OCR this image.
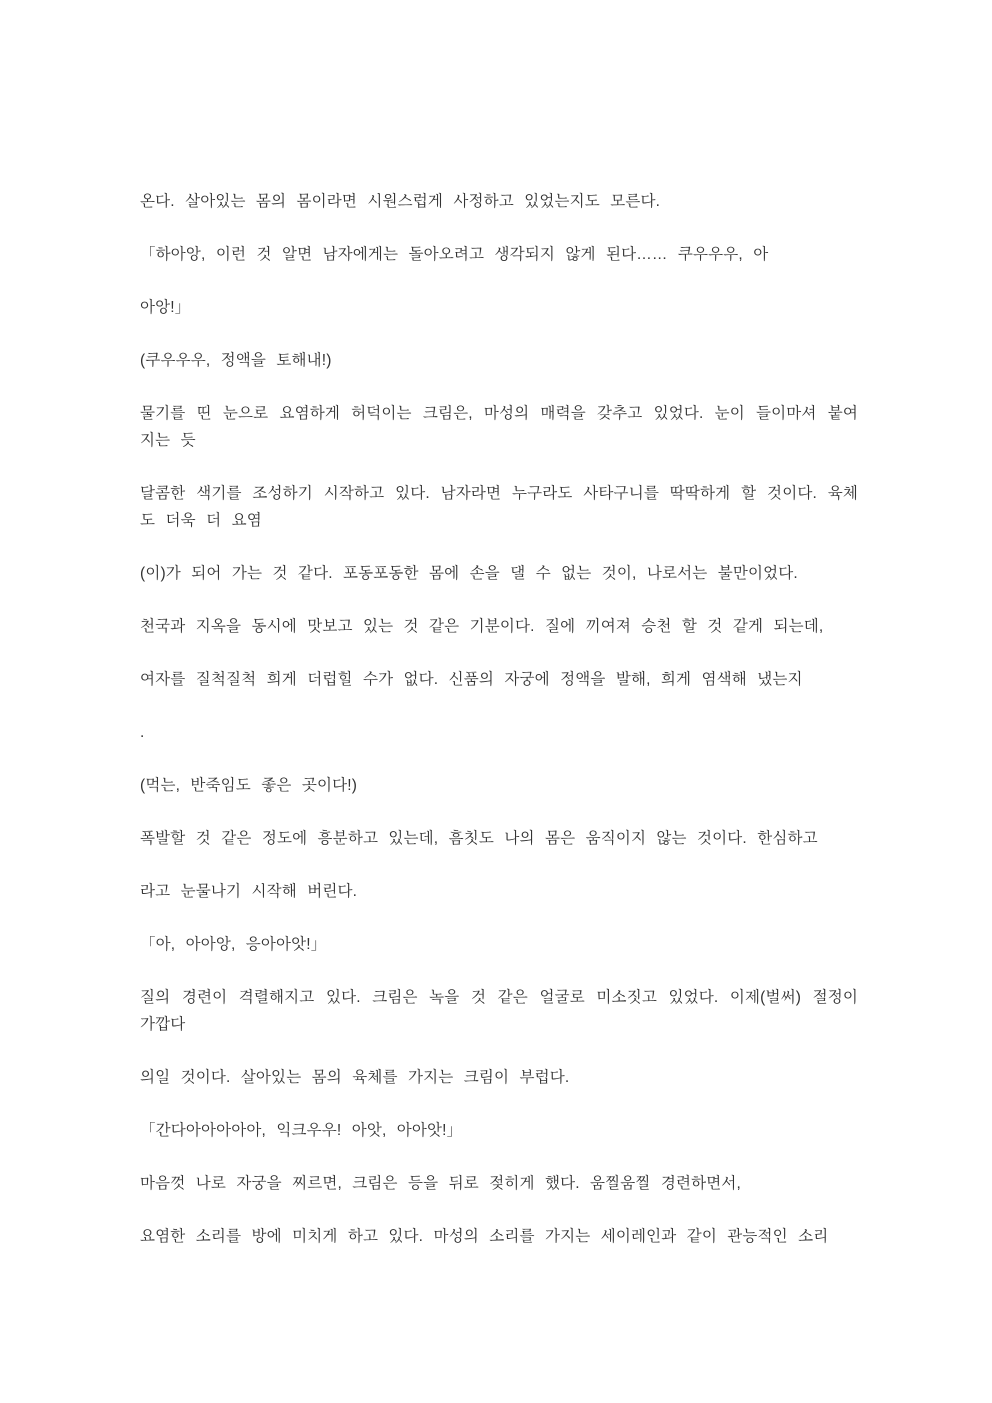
온다. 살아있는 몸의 몸이라면 시원스럽게 사정하고 있었는지도 모른다.

「하아앙, 이런 것 알면 남자에게는 돌아오려고 생각되지 않게 된다…… 쿠우우우, 아

아앙!」

(쿠우우우, 정액을 토해내!)

물기를 띤 눈으로 요염하게 허덕이는 크림은, 마성의 매력을 갖추고 있었다. 눈이 들이마셔 붙여지는 듯

달콤한 색기를 조성하기 시작하고 있다. 남자라면 누구라도 사타구니를 딱딱하게 할 것이다. 육체도 더욱 더 요염

(이)가 되어 가는 것 같다. 포동포동한 몸에 손을 댈 수 없는 것이, 나로서는 불만이었다.

천국과 지옥을 동시에 맛보고 있는 것 같은 기분이다. 질에 끼여져 승천 할 것 같게 되는데,

여자를 질척질척 희게 더럽힐 수가 없다. 신품의 자궁에 정액을 발해, 희게 염색해 냈는지

.

(먹는, 반죽임도 좋은 곳이다!)

폭발할 것 같은 정도에 흥분하고 있는데, 흠칫도 나의 몸은 움직이지 않는 것이다. 한심하고

라고 눈물나기 시작해 버린다.

「아, 아아앙, 응아아앗!」

질의 경련이 격렬해지고 있다. 크림은 녹을 것 같은 얼굴로 미소짓고 있었다. 이제(벌써) 절정이 가깝다

의일 것이다. 살아있는 몸의 육체를 가지는 크림이 부럽다.

「간다아아아아아, 익크우우! 아앗, 아아앗!」

마음껏 나로 자궁을 찌르면, 크림은 등을 뒤로 젖히게 했다. 움찔움찔 경련하면서,

요염한 소리를 방에 미치게 하고 있다. 마성의 소리를 가지는 세이레인과 같이 관능적인 소리
